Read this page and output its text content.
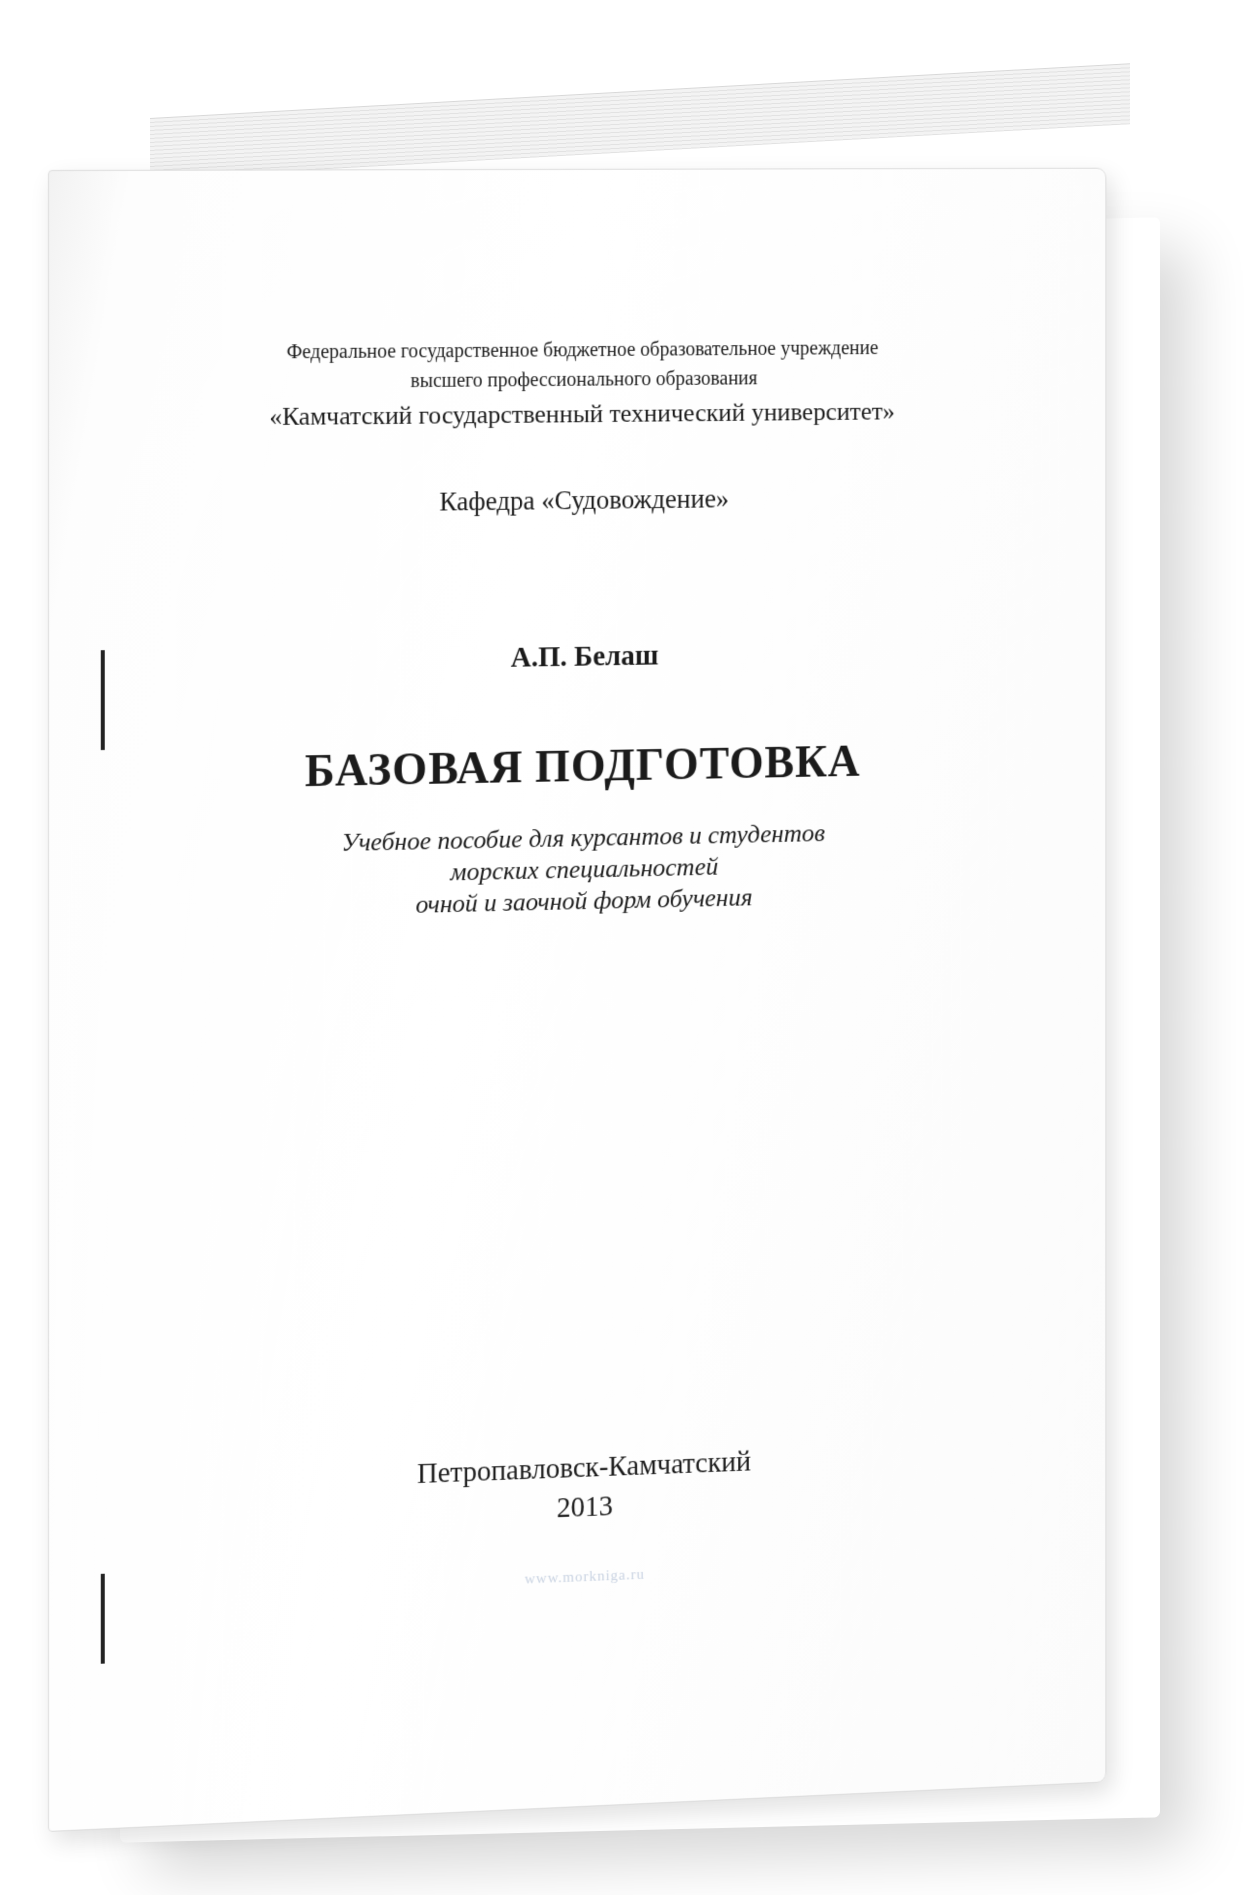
Федеральное государственное бюджетное образовательное учреждение
высшего профессионального образования
«Камчатский государственный технический университет»
Кафедра «Судовождение»
А.П. Белаш
БАЗОВАЯ ПОДГОТОВКА
Учебное пособие для курсантов и студентов
морских специальностей
очной и заочной форм обучения
Петропавловск-Камчатский
2013
www.morkniga.ru
